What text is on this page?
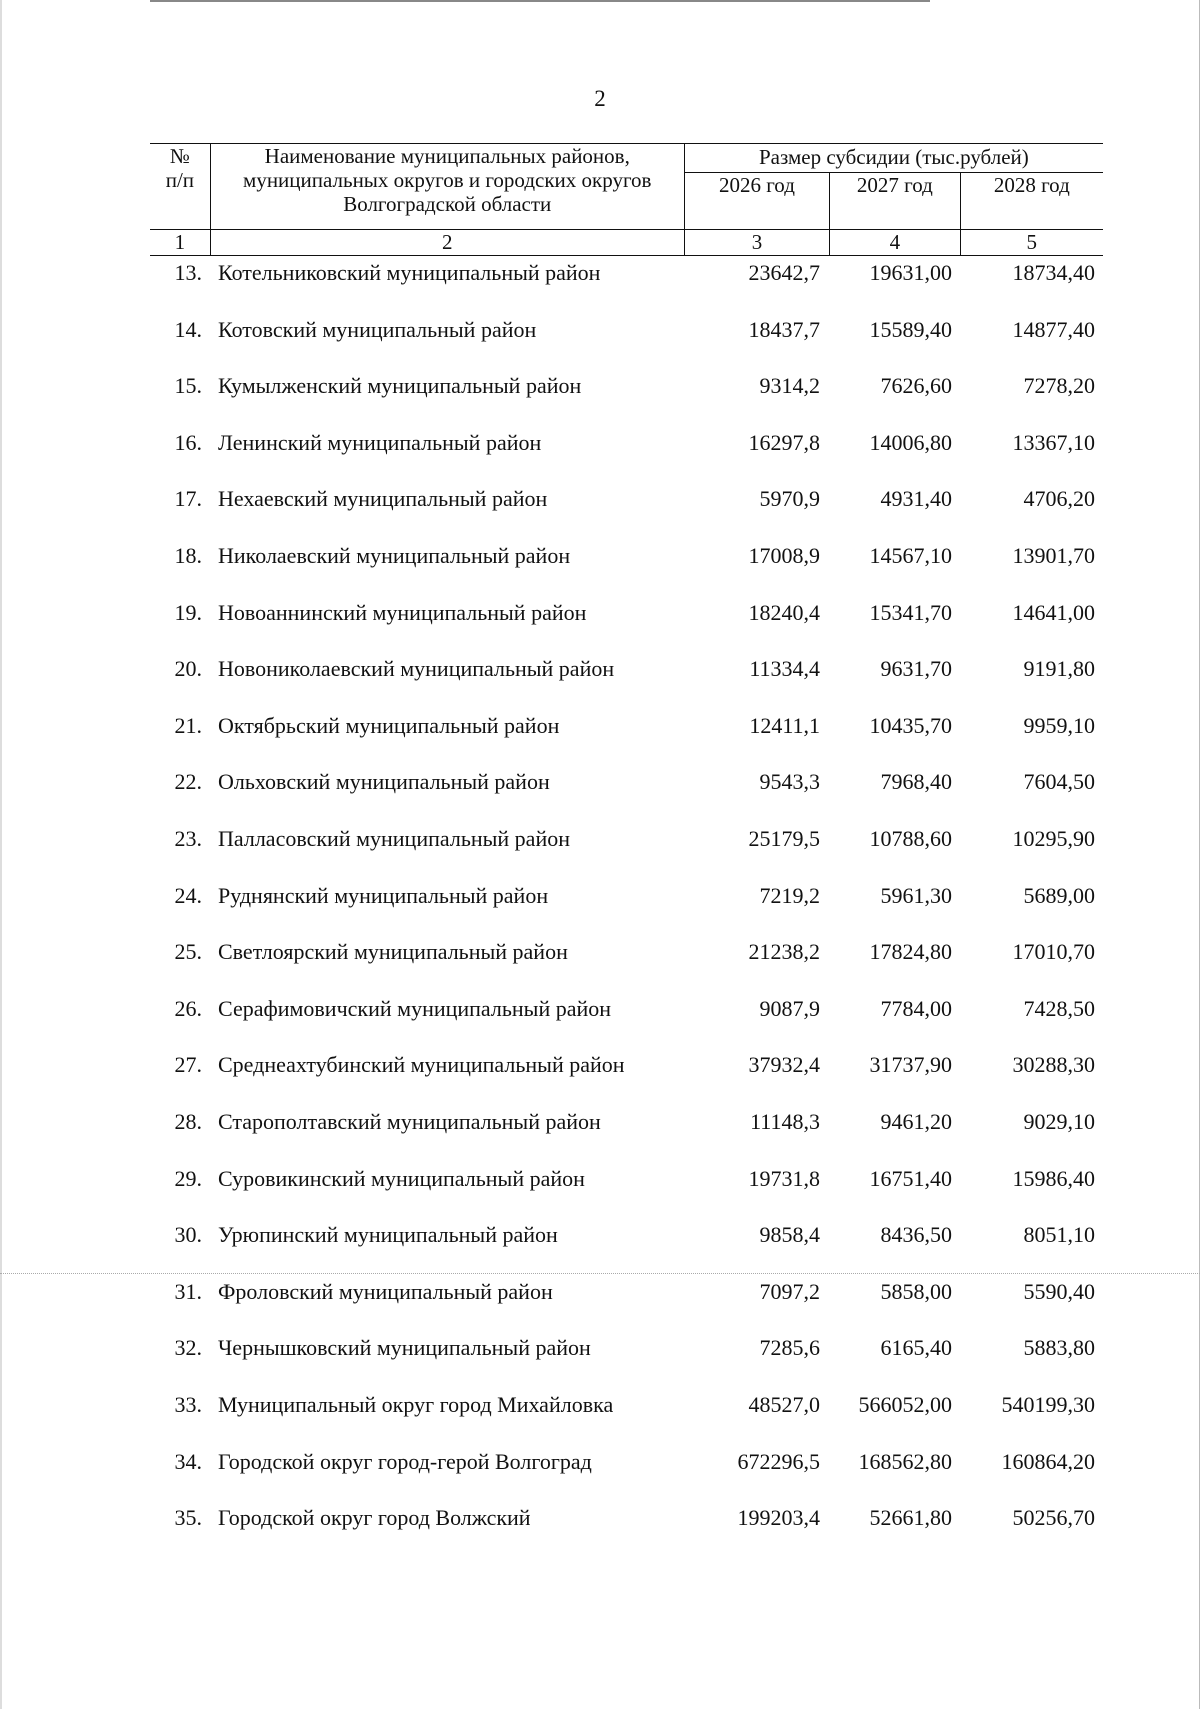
2
№
п/п	Наименование муниципальных районов, муниципальных округов и городских округов Волгоградской области	Размер субсидии (тыс.рублей)		
		2026 год	2027 год	2028 год
1	2	3	4	5
13. Котельниковский муниципальный район	23642,7	19631,00	18734,40
14. Котовский муниципальный район	18437,7	15589,40	14877,40
15. Кумылженский муниципальный район	9314,2	7626,60	7278,20
16. Ленинский муниципальный район	16297,8	14006,80	13367,10
17. Нехаевский муниципальный район	5970,9	4931,40	4706,20
18. Николаевский муниципальный район	17008,9	14567,10	13901,70
19. Новоаннинский муниципальный район	18240,4	15341,70	14641,00
20. Новониколаевский муниципальный район	11334,4	9631,70	9191,80
21. Октябрьский муниципальный район	12411,1	10435,70	9959,10
22. Ольховский муниципальный район	9543,3	7968,40	7604,50
23. Палласовский муниципальный район	25179,5	10788,60	10295,90
24. Руднянский муниципальный район	7219,2	5961,30	5689,00
25. Светлоярский муниципальный район	21238,2	17824,80	17010,70
26. Серафимовичский муниципальный район	9087,9	7784,00	7428,50
27. Среднеахтубинский муниципальный район	37932,4	31737,90	30288,30
28. Старополтавский муниципальный район	11148,3	9461,20	9029,10
29. Суровикинский муниципальный район	19731,8	16751,40	15986,40
30. Урюпинский муниципальный район	9858,4	8436,50	8051,10
31. Фроловский муниципальный район	7097,2	5858,00	5590,40
32. Чернышковский муниципальный район	7285,6	6165,40	5883,80
33. Муниципальный округ город Михайловка	48527,0	566052,00	540199,30
34. Городской округ город-герой Волгоград	672296,5	168562,80	160864,20
35. Городской округ город Волжский	199203,4	52661,80	50256,70
